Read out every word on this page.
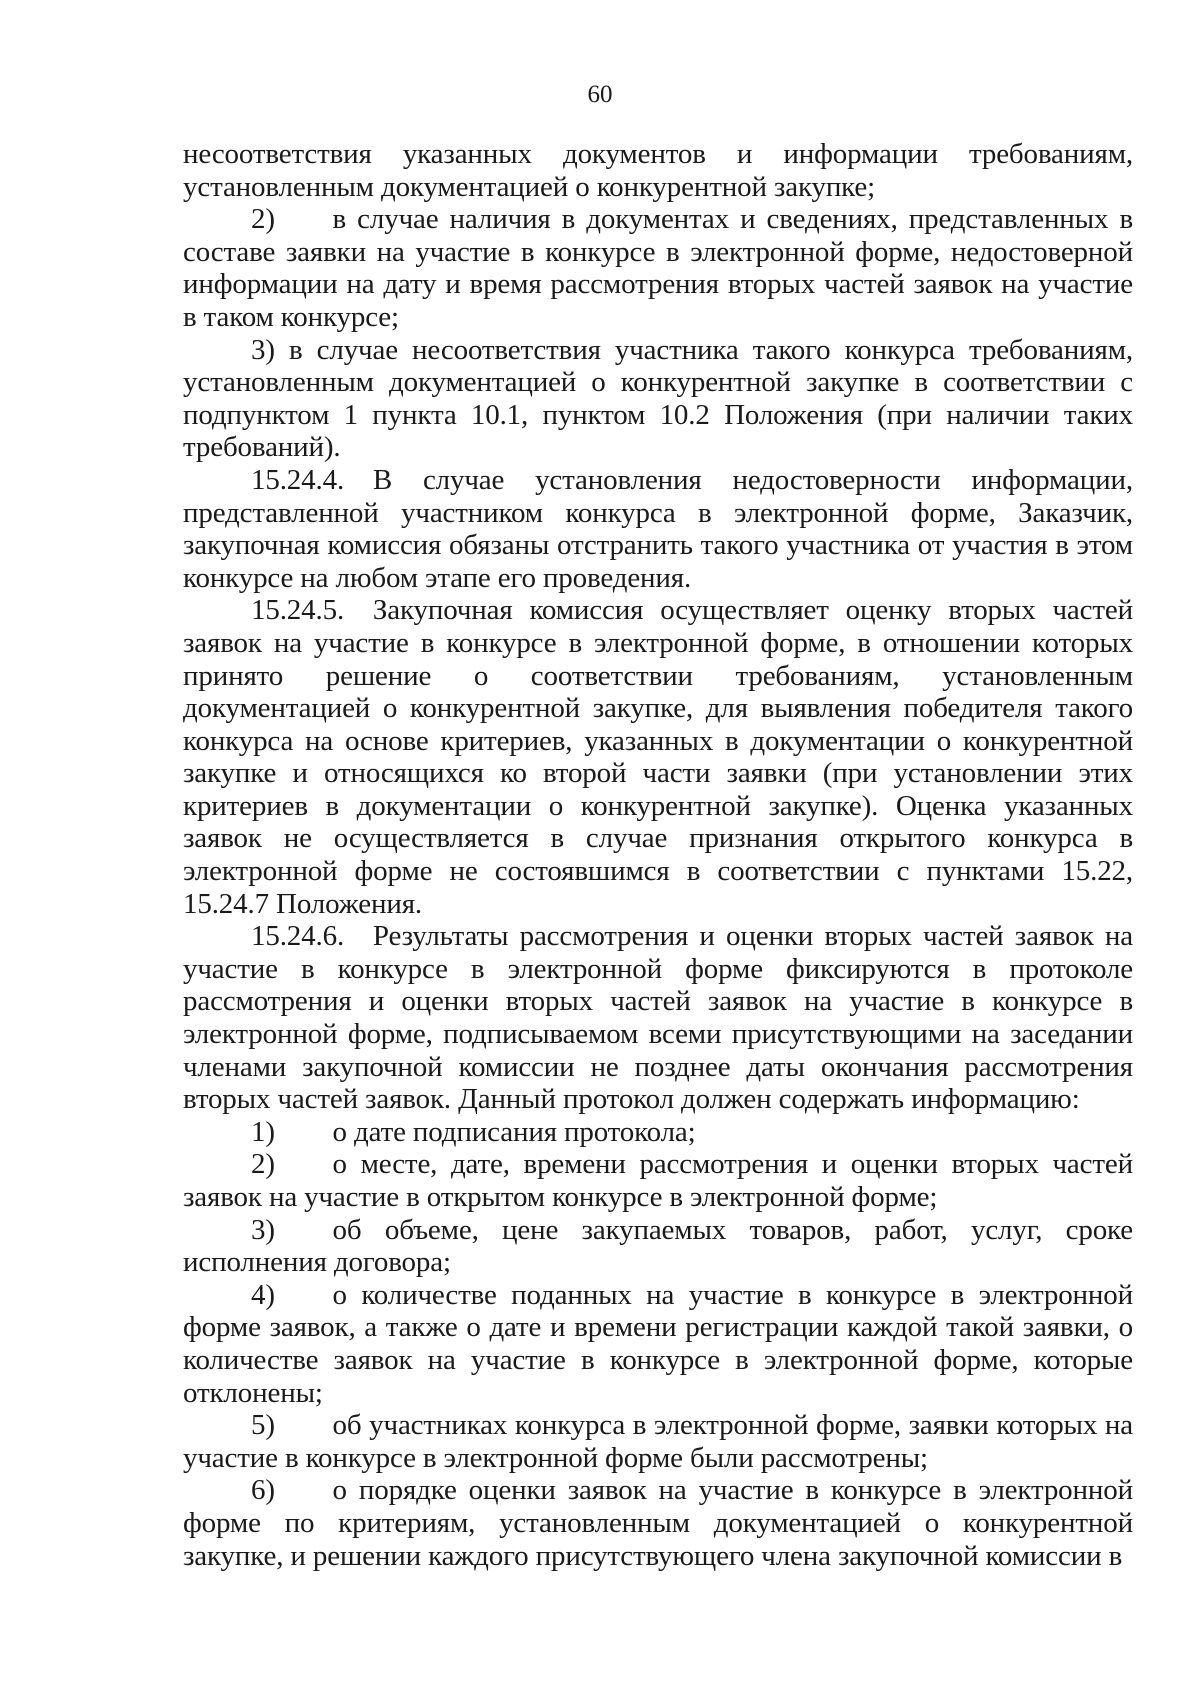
60

несоответствия указанных документов и информации требованиям, установленным документацией о конкурентной закупке;

2)  в случае наличия в документах и сведениях, представленных в составе заявки на участие в конкурсе в электронной форме, недостоверной информации на дату и время рассмотрения вторых частей заявок на участие в таком конкурсе;

3) в случае несоответствия участника такого конкурса требованиям, установленным документацией о конкурентной закупке в соответствии с подпунктом 1 пункта 10.1, пунктом 10.2 Положения (при наличии таких требований).

15.24.4. В случае установления недостоверности информации, представленной участником конкурса в электронной форме, Заказчик, закупочная комиссия обязаны отстранить такого участника от участия в этом конкурсе на любом этапе его проведения.

15.24.5. Закупочная комиссия осуществляет оценку вторых частей заявок на участие в конкурсе в электронной форме, в отношении которых принято решение о соответствии требованиям, установленным документацией о конкурентной закупке, для выявления победителя такого конкурса на основе критериев, указанных в документации о конкурентной закупке и относящихся ко второй части заявки (при установлении этих критериев в документации о конкурентной закупке). Оценка указанных заявок не осуществляется в случае признания открытого конкурса в электронной форме не состоявшимся в соответствии с пунктами 15.22, 15.24.7 Положения.

15.24.6. Результаты рассмотрения и оценки вторых частей заявок на участие в конкурсе в электронной форме фиксируются в протоколе рассмотрения и оценки вторых частей заявок на участие в конкурсе в электронной форме, подписываемом всеми присутствующими на заседании членами закупочной комиссии не позднее даты окончания рассмотрения вторых частей заявок. Данный протокол должен содержать информацию:

1)  о дате подписания протокола;

2)  о месте, дате, времени рассмотрения и оценки вторых частей заявок на участие в открытом конкурсе в электронной форме;

3)  об объеме, цене закупаемых товаров, работ, услуг, сроке исполнения договора;

4)  о количестве поданных на участие в конкурсе в электронной форме заявок, а также о дате и времени регистрации каждой такой заявки, о количестве заявок на участие в конкурсе в электронной форме, которые отклонены;

5)  об участниках конкурса в электронной форме, заявки которых на участие в конкурсе в электронной форме были рассмотрены;

6)  о порядке оценки заявок на участие в конкурсе в электронной форме по критериям, установленным документацией о конкурентной закупке, и решении каждого присутствующего члена закупочной комиссии в
